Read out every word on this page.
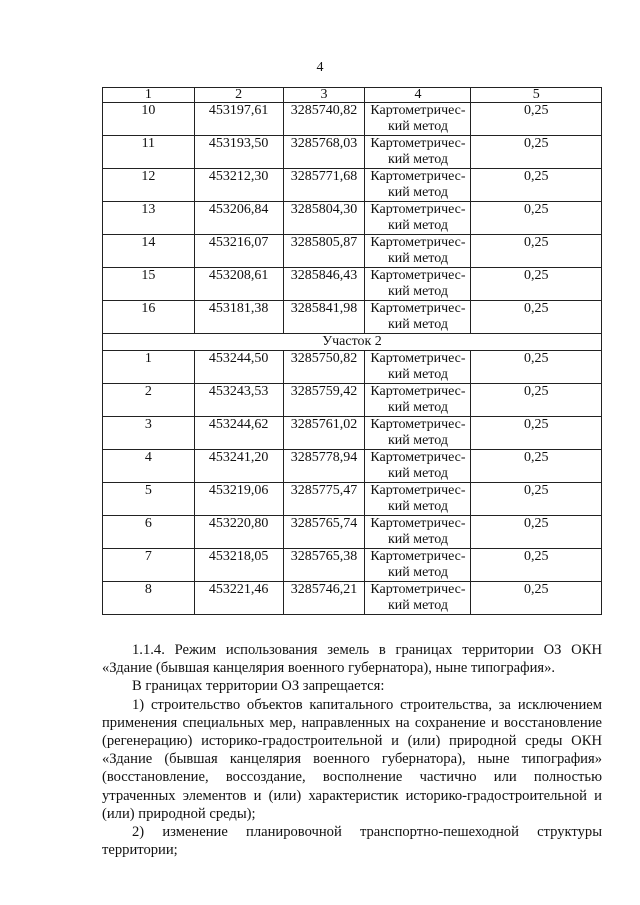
4
1	2	3	4	5
10	453197,61	3285740,82	Картометричес-кий метод	0,25
11	453193,50	3285768,03	Картометричес-кий метод	0,25
12	453212,30	3285771,68	Картометричес-кий метод	0,25
13	453206,84	3285804,30	Картометричес-кий метод	0,25
14	453216,07	3285805,87	Картометричес-кий метод	0,25
15	453208,61	3285846,43	Картометричес-кий метод	0,25
16	453181,38	3285841,98	Картометричес-кий метод	0,25
Участок 2				
1	453244,50	3285750,82	Картометричес-кий метод	0,25
2	453243,53	3285759,42	Картометричес-кий метод	0,25
3	453244,62	3285761,02	Картометричес-кий метод	0,25
4	453241,20	3285778,94	Картометричес-кий метод	0,25
5	453219,06	3285775,47	Картометричес-кий метод	0,25
6	453220,80	3285765,74	Картометричес-кий метод	0,25
7	453218,05	3285765,38	Картометричес-кий метод	0,25
8	453221,46	3285746,21	Картометричес-кий метод	0,25

1.1.4. Режим использования земель в границах территории ОЗ ОКН «Здание (бывшая канцелярия военного губернатора), ныне типография».

В границах территории ОЗ запрещается:

1) строительство объектов капитального строительства, за исключением применения специальных мер, направленных на сохранение и восстановление (регенерацию) историко-градостроительной и (или) природной среды ОКН «Здание (бывшая канцелярия военного губернатора), ныне типография» (восстановление, воссоздание, восполнение частично или полностью утраченных элементов и (или) характеристик историко-градостроительной и (или) природной среды);

2) изменение планировочной транспортно-пешеходной структуры территории;
